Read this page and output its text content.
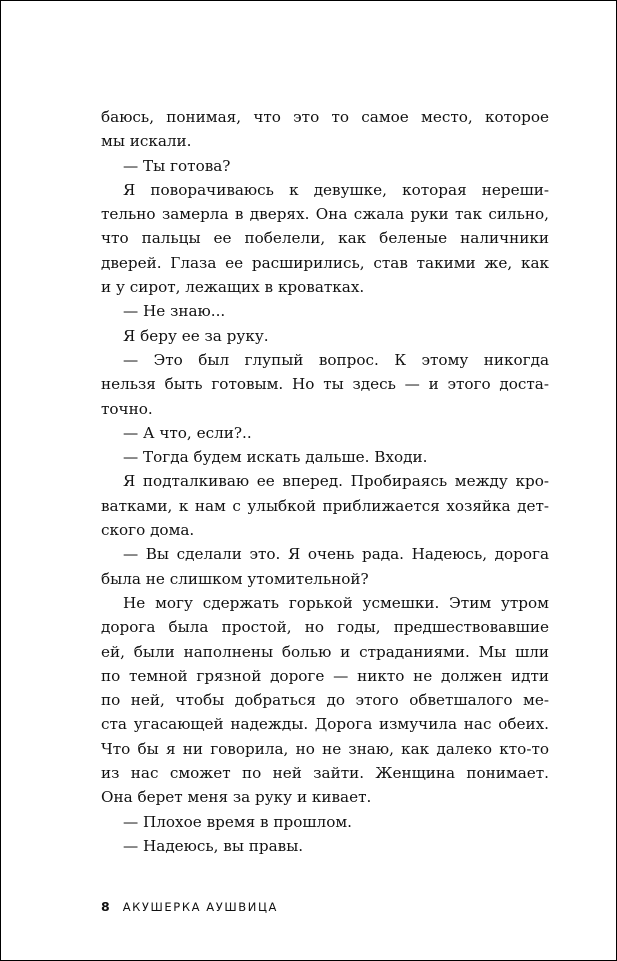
баюсь, понимая, что это то самое место, которое
мы искали.
— Ты готова?
Я поворачиваюсь к девушке, которая нереши-
тельно замерла в дверях. Она сжала руки так сильно,
что пальцы ее побелели, как беленые наличники
дверей. Глаза ее расширились, став такими же, как
и у сирот, лежащих в кроватках.
— Не знаю...
Я беру ее за руку.
— Это был глупый вопрос. К этому никогда
нельзя быть готовым. Но ты здесь — и этого доста-
точно.
— А что, если?..
— Тогда будем искать дальше. Входи.
Я подталкиваю ее вперед. Пробираясь между кро-
ватками, к нам с улыбкой приближается хозяйка дет-
ского дома.
— Вы сделали это. Я очень рада. Надеюсь, дорога
была не слишком утомительной?
Не могу сдержать горькой усмешки. Этим утром
дорога была простой, но годы, предшествовавшие
ей, были наполнены болью и страданиями. Мы шли
по темной грязной дороге — никто не должен идти
по ней, чтобы добраться до этого обветшалого ме-
ста угасающей надежды. Дорога измучила нас обеих.
Что бы я ни говорила, но не знаю, как далеко кто-то
из нас сможет по ней зайти. Женщина понимает.
Она берет меня за руку и кивает.
— Плохое время в прошлом.
— Надеюсь, вы правы.
8 АКУШЕРКА АУШВИЦА
